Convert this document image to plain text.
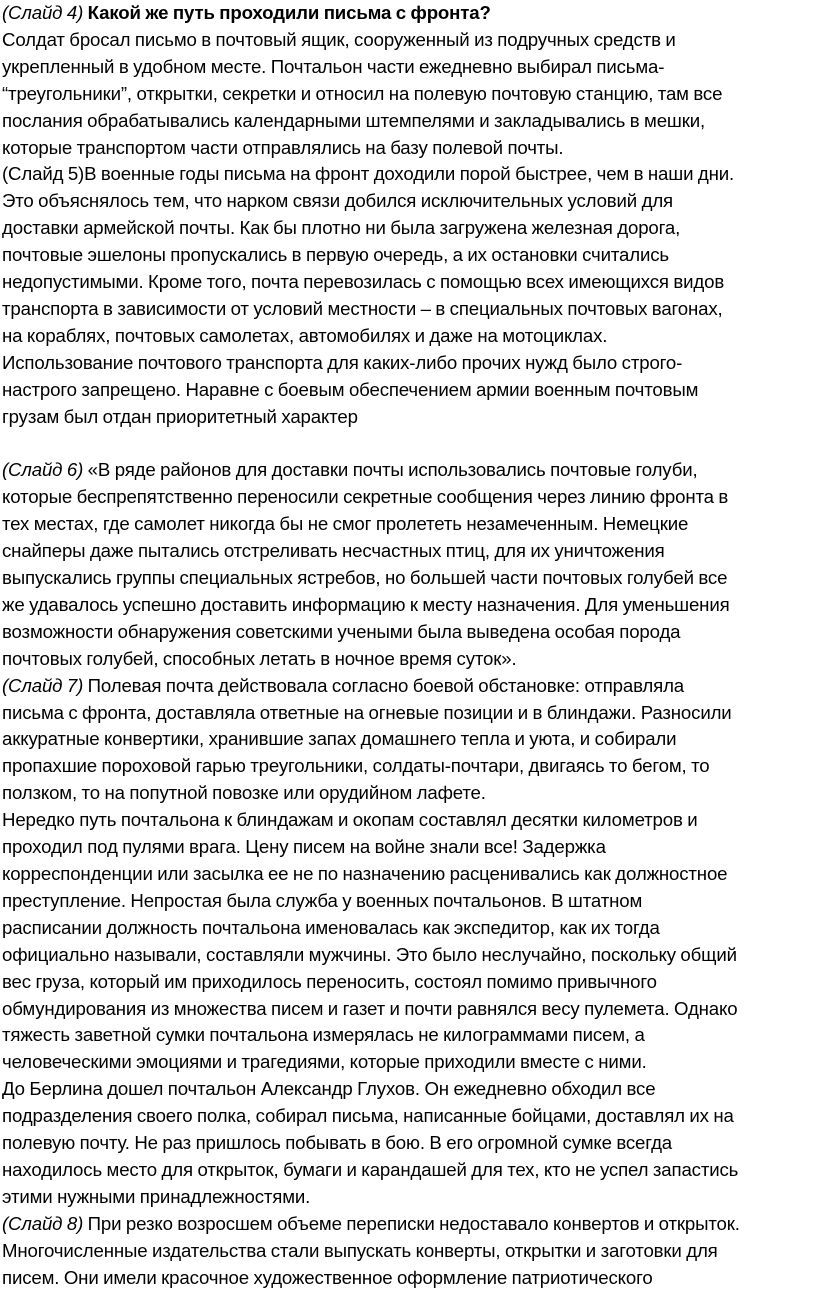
(Слайд 4) Какой же путь проходили письма с фронта?
Солдат бросал письмо в почтовый ящик, сооруженный из подручных средств и
укрепленный в удобном месте. Почтальон части ежедневно выбирал письма-
“треугольники”, открытки, секретки и относил на полевую почтовую станцию, там все
послания обрабатывались календарными штемпелями и закладывались в мешки,
которые транспортом части отправлялись на базу полевой почты.
(Слайд 5)В военные годы письма на фронт доходили порой быстрее, чем в наши дни.
Это объяснялось тем, что нарком связи добился исключительных условий для
доставки армейской почты. Как бы плотно ни была загружена железная дорога,
почтовые эшелоны пропускались в первую очередь, а их остановки считались
недопустимыми. Кроме того, почта перевозилась с помощью всех имеющихся видов
транспорта в зависимости от условий местности – в специальных почтовых вагонах,
на кораблях, почтовых самолетах, автомобилях и даже на мотоциклах.
Использование почтового транспорта для каких-либо прочих нужд было строго-
настрого запрещено. Наравне с боевым обеспечением армии военным почтовым
грузам был отдан приоритетный характер
(Слайд 6) «В ряде районов для доставки почты использовались почтовые голуби,
которые беспрепятственно переносили секретные сообщения через линию фронта в
тех местах, где самолет никогда бы не смог пролететь незамеченным. Немецкие
снайперы даже пытались отстреливать несчастных птиц, для их уничтожения
выпускались группы специальных ястребов, но большей части почтовых голубей все
же удавалось успешно доставить информацию к месту назначения. Для уменьшения
возможности обнаружения советскими учеными была выведена особая порода
почтовых голубей, способных летать в ночное время суток».
(Слайд 7) Полевая почта действовала согласно боевой обстановке: отправляла
письма с фронта, доставляла ответные на огневые позиции и в блиндажи. Разносили
аккуратные конвертики, хранившие запах домашнего тепла и уюта, и собирали
пропахшие пороховой гарью треугольники, солдаты-почтари, двигаясь то бегом, то
ползком, то на попутной повозке или орудийном лафете.
Нередко путь почтальона к блиндажам и окопам составлял десятки километров и
проходил под пулями врага. Цену писем на войне знали все! Задержка
корреспонденции или засылка ее не по назначению расценивались как должностное
преступление. Непростая была служба у военных почтальонов. В штатном
расписании должность почтальона именовалась как экспедитор, как их тогда
официально называли, составляли мужчины. Это было неслучайно, поскольку общий
вес груза, который им приходилось переносить, состоял помимо привычного
обмундирования из множества писем и газет и почти равнялся весу пулемета. Однако
тяжесть заветной сумки почтальона измерялась не килограммами писем, а
человеческими эмоциями и трагедиями, которые приходили вместе с ними.
До Берлина дошел почтальон Александр Глухов. Он ежедневно обходил все
подразделения своего полка, собирал письма, написанные бойцами, доставлял их на
полевую почту. Не раз пришлось побывать в бою. В его огромной сумке всегда
находилось место для открыток, бумаги и карандашей для тех, кто не успел запастись
этими нужными принадлежностями.
(Слайд 8) При резко возросшем объеме переписки недоставало конвертов и открыток.
Многочисленные издательства стали выпускать конверты, открытки и заготовки для
писем. Они имели красочное художественное оформление патриотического
